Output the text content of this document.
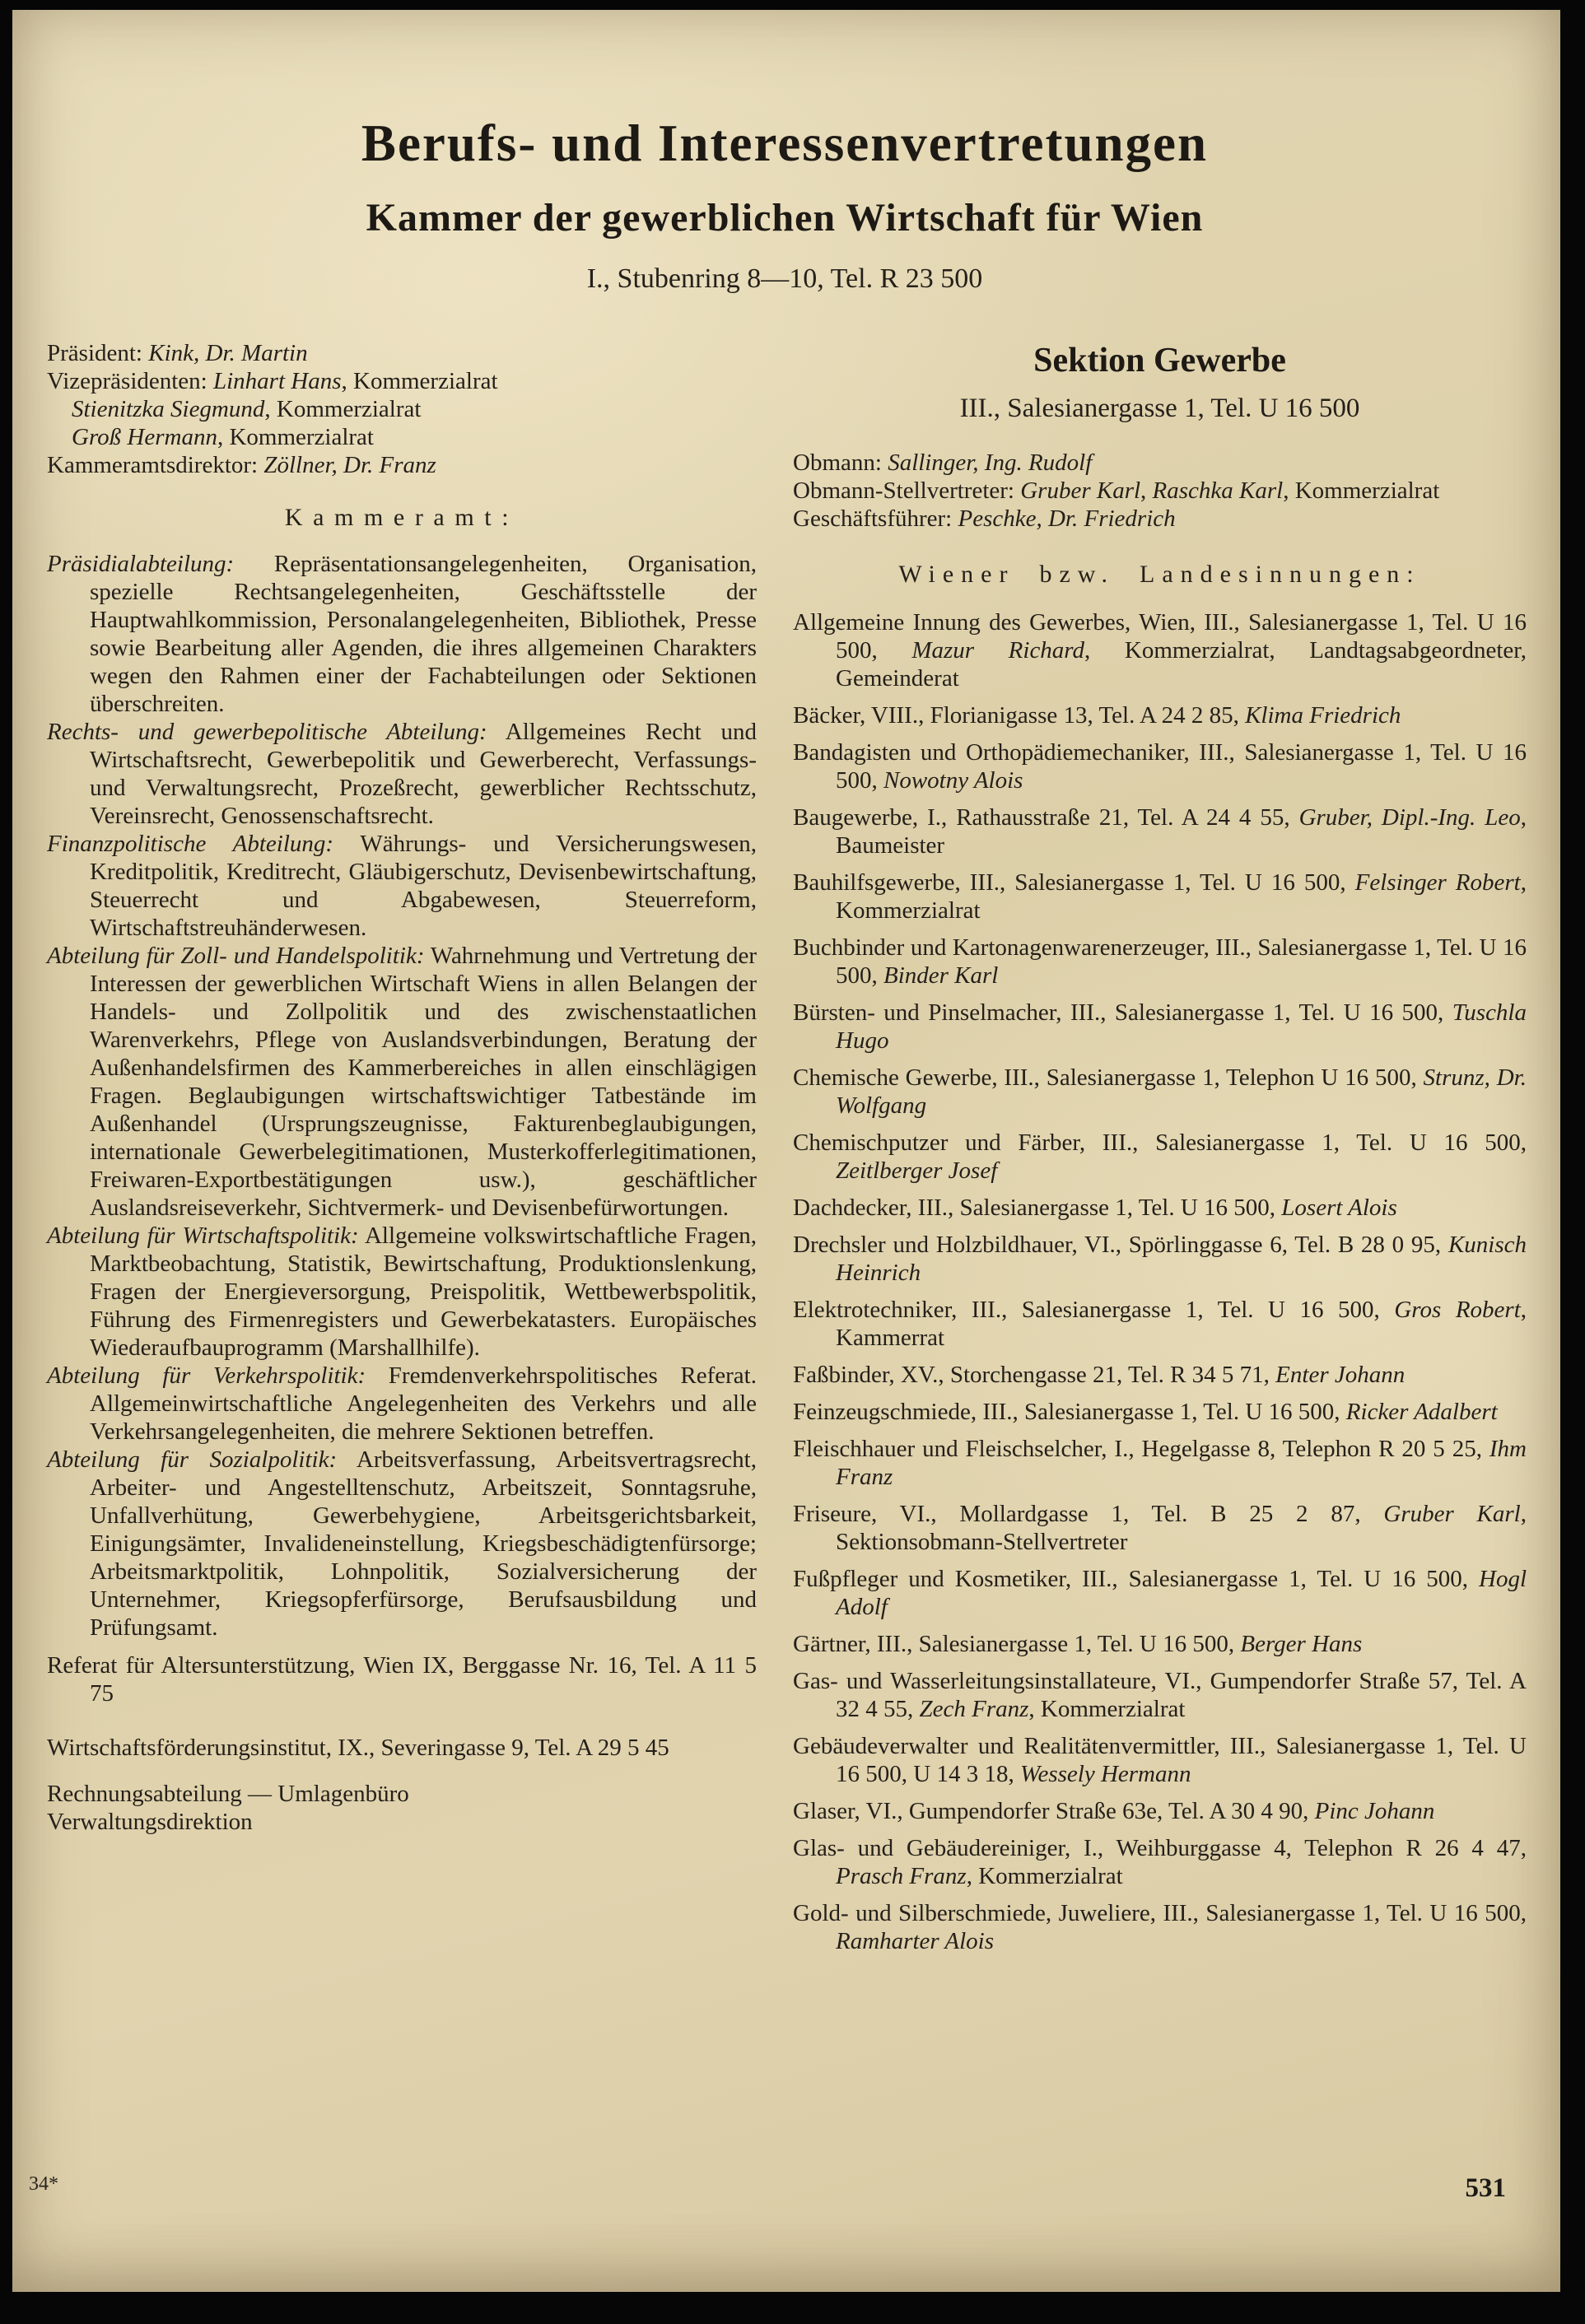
Berufs- und Interessenvertretungen
Kammer der gewerblichen Wirtschaft für Wien
I., Stubenring 8—10, Tel. R 23 500

Präsident: Kink, Dr. Martin

Vizepräsidenten: Linhart Hans, Kommerzialrat

Stienitzka Siegmund, Kommerzialrat

Groß Hermann, Kommerzialrat

Kammeramtsdirektor: Zöllner, Dr. Franz

Kammeramt:

Präsidialabteilung: Repräsentationsangelegenheiten, Organisation, spezielle Rechtsangelegenheiten, Geschäftsstelle der Hauptwahlkommission, Personalangelegenheiten, Bibliothek, Presse sowie Bearbeitung aller Agenden, die ihres allgemeinen Charakters wegen den Rahmen einer der Fachabteilungen oder Sektionen überschreiten.

Rechts- und gewerbepolitische Abteilung: Allgemeines Recht und Wirtschaftsrecht, Gewerbepolitik und Gewerberecht, Verfassungs- und Verwaltungsrecht, Prozeßrecht, gewerblicher Rechtsschutz, Vereinsrecht, Genossenschaftsrecht.

Finanzpolitische Abteilung: Währungs- und Versicherungswesen, Kreditpolitik, Kreditrecht, Gläubigerschutz, Devisenbewirtschaftung, Steuerrecht und Abgabewesen, Steuerreform, Wirtschaftstreuhänderwesen.

Abteilung für Zoll- und Handelspolitik: Wahrnehmung und Vertretung der Interessen der gewerblichen Wirtschaft Wiens in allen Belangen der Handels- und Zollpolitik und des zwischenstaatlichen Warenverkehrs, Pflege von Auslandsverbindungen, Beratung der Außenhandelsfirmen des Kammerbereiches in allen einschlägigen Fragen. Beglaubigungen wirtschaftswichtiger Tatbestände im Außenhandel (Ursprungszeugnisse, Fakturenbeglaubigungen, internationale Gewerbelegitimationen, Musterkofferlegitimationen, Freiwaren-Exportbestätigungen usw.), geschäftlicher Auslandsreiseverkehr, Sichtvermerk- und Devisenbefürwortungen.

Abteilung für Wirtschaftspolitik: Allgemeine volkswirtschaftliche Fragen, Marktbeobachtung, Statistik, Bewirtschaftung, Produktionslenkung, Fragen der Energieversorgung, Preispolitik, Wettbewerbspolitik, Führung des Firmenregisters und Gewerbekatasters. Europäisches Wiederaufbauprogramm (Marshallhilfe).

Abteilung für Verkehrspolitik: Fremdenverkehrspolitisches Referat. Allgemeinwirtschaftliche Angelegenheiten des Verkehrs und alle Verkehrsangelegenheiten, die mehrere Sektionen betreffen.

Abteilung für Sozialpolitik: Arbeitsverfassung, Arbeitsvertragsrecht, Arbeiter- und Angestelltenschutz, Arbeitszeit, Sonntagsruhe, Unfallverhütung, Gewerbehygiene, Arbeitsgerichtsbarkeit, Einigungsämter, Invalideneinstellung, Kriegsbeschädigtenfürsorge; Arbeitsmarktpolitik, Lohnpolitik, Sozialversicherung der Unternehmer, Kriegsopferfürsorge, Berufsausbildung und Prüfungsamt.

Referat für Altersunterstützung, Wien IX, Berggasse Nr. 16, Tel. A 11 5 75

Wirtschaftsförderungsinstitut, IX., Severingasse 9, Tel. A 29 5 45

Rechnungsabteilung — Umlagenbüro

Verwaltungsdirektion

Sektion Gewerbe
III., Salesianergasse 1, Tel. U 16 500

Obmann: Sallinger, Ing. Rudolf

Obmann-Stellvertreter: Gruber Karl, Raschka Karl, Kommerzialrat

Geschäftsführer: Peschke, Dr. Friedrich

Wiener bzw. Landesinnungen:

Allgemeine Innung des Gewerbes, Wien, III., Salesianergasse 1, Tel. U 16 500, Mazur Richard, Kommerzialrat, Landtagsabgeordneter, Gemeinderat

Bäcker, VIII., Florianigasse 13, Tel. A 24 2 85, Klima Friedrich

Bandagisten und Orthopädiemechaniker, III., Salesianergasse 1, Tel. U 16 500, Nowotny Alois

Baugewerbe, I., Rathausstraße 21, Tel. A 24 4 55, Gruber, Dipl.-Ing. Leo, Baumeister

Bauhilfsgewerbe, III., Salesianergasse 1, Tel. U 16 500, Felsinger Robert, Kommerzialrat

Buchbinder und Kartonagenwarenerzeuger, III., Salesianergasse 1, Tel. U 16 500, Binder Karl

Bürsten- und Pinselmacher, III., Salesianergasse 1, Tel. U 16 500, Tuschla Hugo

Chemische Gewerbe, III., Salesianergasse 1, Telephon U 16 500, Strunz, Dr. Wolfgang

Chemischputzer und Färber, III., Salesianergasse 1, Tel. U 16 500, Zeitlberger Josef

Dachdecker, III., Salesianergasse 1, Tel. U 16 500, Losert Alois

Drechsler und Holzbildhauer, VI., Spörlinggasse 6, Tel. B 28 0 95, Kunisch Heinrich

Elektrotechniker, III., Salesianergasse 1, Tel. U 16 500, Gros Robert, Kammerrat

Faßbinder, XV., Storchengasse 21, Tel. R 34 5 71, Enter Johann

Feinzeugschmiede, III., Salesianergasse 1, Tel. U 16 500, Ricker Adalbert

Fleischhauer und Fleischselcher, I., Hegelgasse 8, Telephon R 20 5 25, Ihm Franz

Friseure, VI., Mollardgasse 1, Tel. B 25 2 87, Gruber Karl, Sektionsobmann-Stellvertreter

Fußpfleger und Kosmetiker, III., Salesianergasse 1, Tel. U 16 500, Hogl Adolf

Gärtner, III., Salesianergasse 1, Tel. U 16 500, Berger Hans

Gas- und Wasserleitungsinstallateure, VI., Gumpendorfer Straße 57, Tel. A 32 4 55, Zech Franz, Kommerzialrat

Gebäudeverwalter und Realitätenvermittler, III., Salesianergasse 1, Tel. U 16 500, U 14 3 18, Wessely Hermann

Glaser, VI., Gumpendorfer Straße 63e, Tel. A 30 4 90, Pinc Johann

Glas- und Gebäudereiniger, I., Weihburggasse 4, Telephon R 26 4 47, Prasch Franz, Kommerzialrat

Gold- und Silberschmiede, Juweliere, III., Salesianergasse 1, Tel. U 16 500, Ramharter Alois

34*	531
